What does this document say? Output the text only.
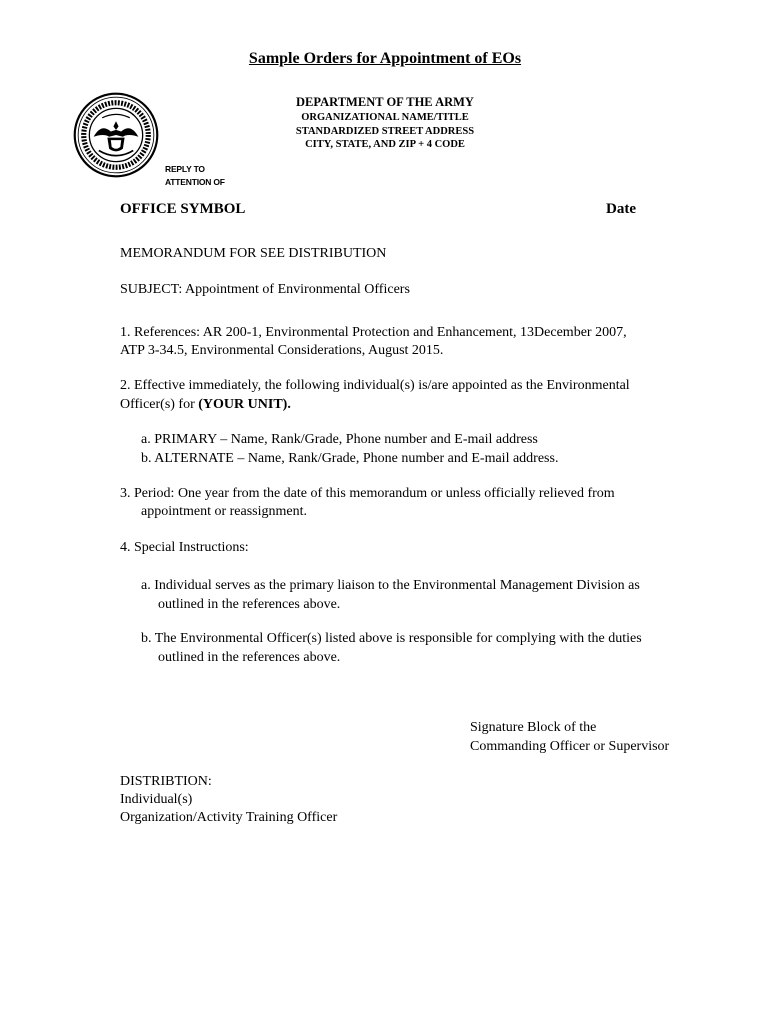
Sample Orders for Appointment of EOs
DEPARTMENT OF THE ARMY
ORGANIZATIONAL NAME/TITLE
STANDARDIZED STREET ADDRESS
CITY, STATE, AND ZIP + 4 CODE
REPLY TO
ATTENTION OF
OFFICE SYMBOL	Date
MEMORANDUM FOR SEE DISTRIBUTION
SUBJECT: Appointment of Environmental Officers
1. References: AR 200-1, Environmental Protection and Enhancement, 13December 2007,
ATP 3-34.5, Environmental Considerations, August 2015.
2. Effective immediately, the following individual(s) is/are appointed as the Environmental
Officer(s) for (YOUR UNIT).
a. PRIMARY – Name, Rank/Grade, Phone number and E-mail address
b. ALTERNATE – Name, Rank/Grade, Phone number and E-mail address.
3. Period: One year from the date of this memorandum or unless officially relieved from
appointment or reassignment.
4. Special Instructions:
a. Individual serves as the primary liaison to the Environmental Management Division as
outlined in the references above.
b. The Environmental Officer(s) listed above is responsible for complying with the duties
outlined in the references above.
Signature Block of the
Commanding Officer or Supervisor
DISTRIBTION:
Individual(s)
Organization/Activity Training Officer
